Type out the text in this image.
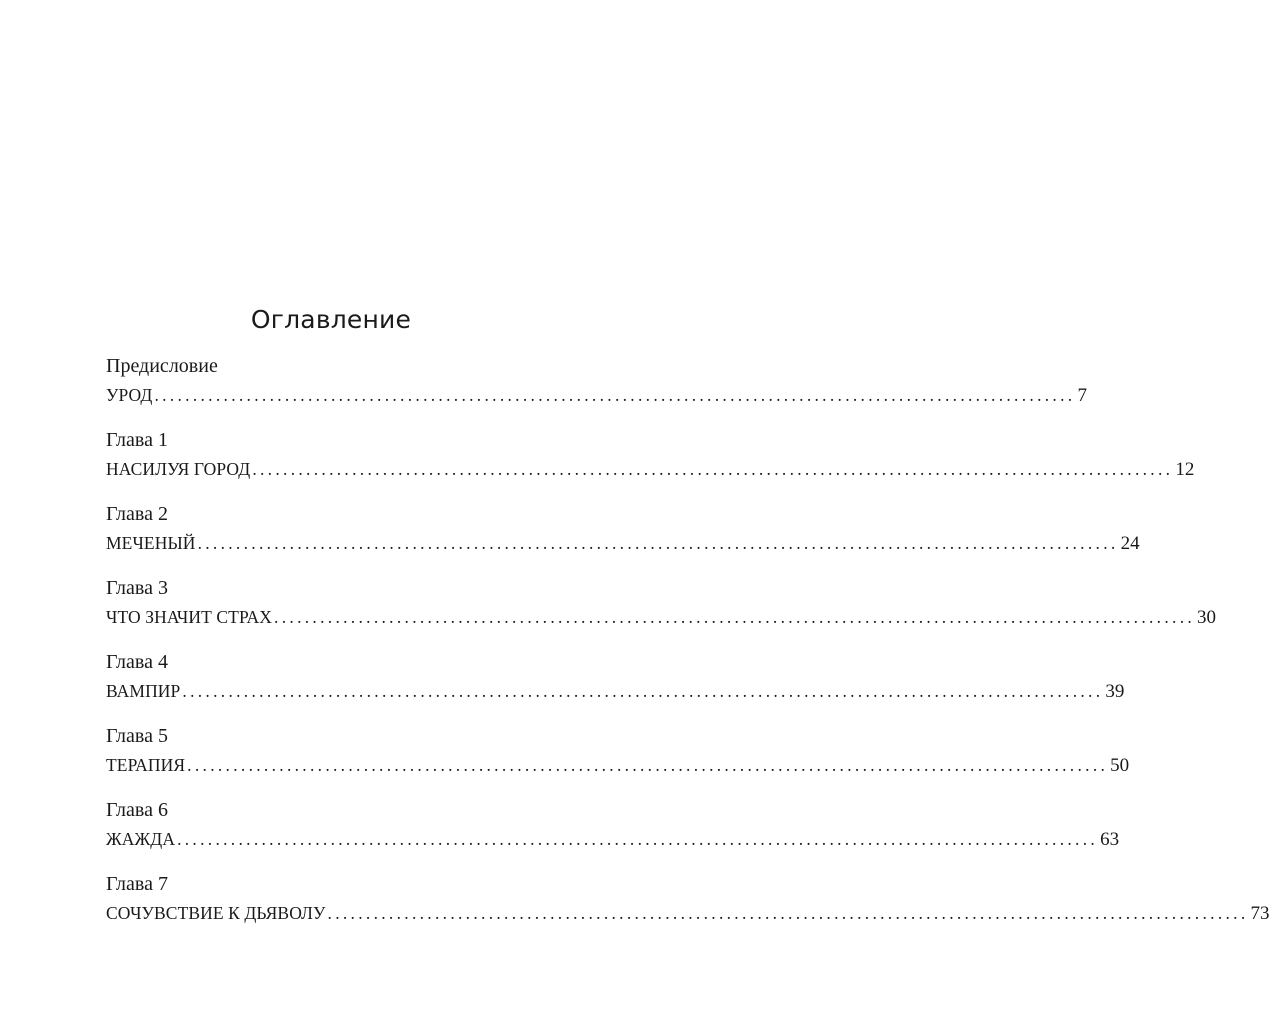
Оглавление
Предисловие
УРОД ........................................................................................................................ 7
Глава 1
НАСИЛУЯ ГОРОД ........................................................................................................................ 12
Глава 2
МЕЧЕНЫЙ ........................................................................................................................ 24
Глава 3
ЧТО ЗНАЧИТ СТРАХ ........................................................................................................................ 30
Глава 4
ВАМПИР ........................................................................................................................ 39
Глава 5
ТЕРАПИЯ ........................................................................................................................ 50
Глава 6
ЖАЖДА ........................................................................................................................ 63
Глава 7
СОЧУВСТВИЕ К ДЬЯВОЛУ ........................................................................................................................ 73
